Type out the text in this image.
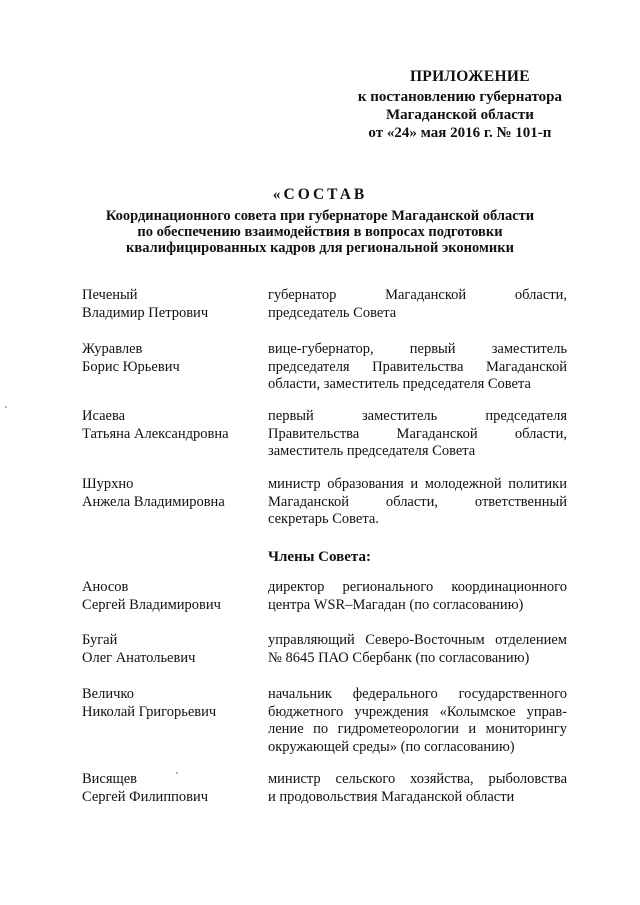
ПРИЛОЖЕНИЕ
к постановлению губернатора
Магаданской области
от «24» мая 2016 г. № 101-п
«СОСТАВ
Координационного совета при губернаторе Магаданской области
по обеспечению взаимодействия в вопросах подготовки
квалифицированных кадров для региональной экономики
Печеный
Владимир Петрович
губернатор Магаданской области,
председатель Совета
Журавлев
Борис Юрьевич
вице-губернатор, первый заместитель
председателя Правительства Магаданской
области, заместитель председателя Совета
Исаева
Татьяна Александровна
первый заместитель председателя
Правительства Магаданской области,
заместитель председателя Совета
Шурхно
Анжела Владимировна
министр образования и молодежной политики
Магаданской области, ответственный
секретарь Совета.
Члены Совета:
Аносов
Сергей Владимирович
директор регионального координационного
центра WSR–Магадан (по согласованию)
Бугай
Олег Анатольевич
управляющий Северо-Восточным отделением
№ 8645 ПАО Сбербанк (по согласованию)
Величко
Николай Григорьевич
начальник федерального государственного
бюджетного учреждения «Колымское управ-
ление по гидрометеорологии и мониторингу
окружающей среды» (по согласованию)
Висящев
Сергей Филиппович
министр сельского хозяйства, рыболовства
и продовольствия Магаданской области
